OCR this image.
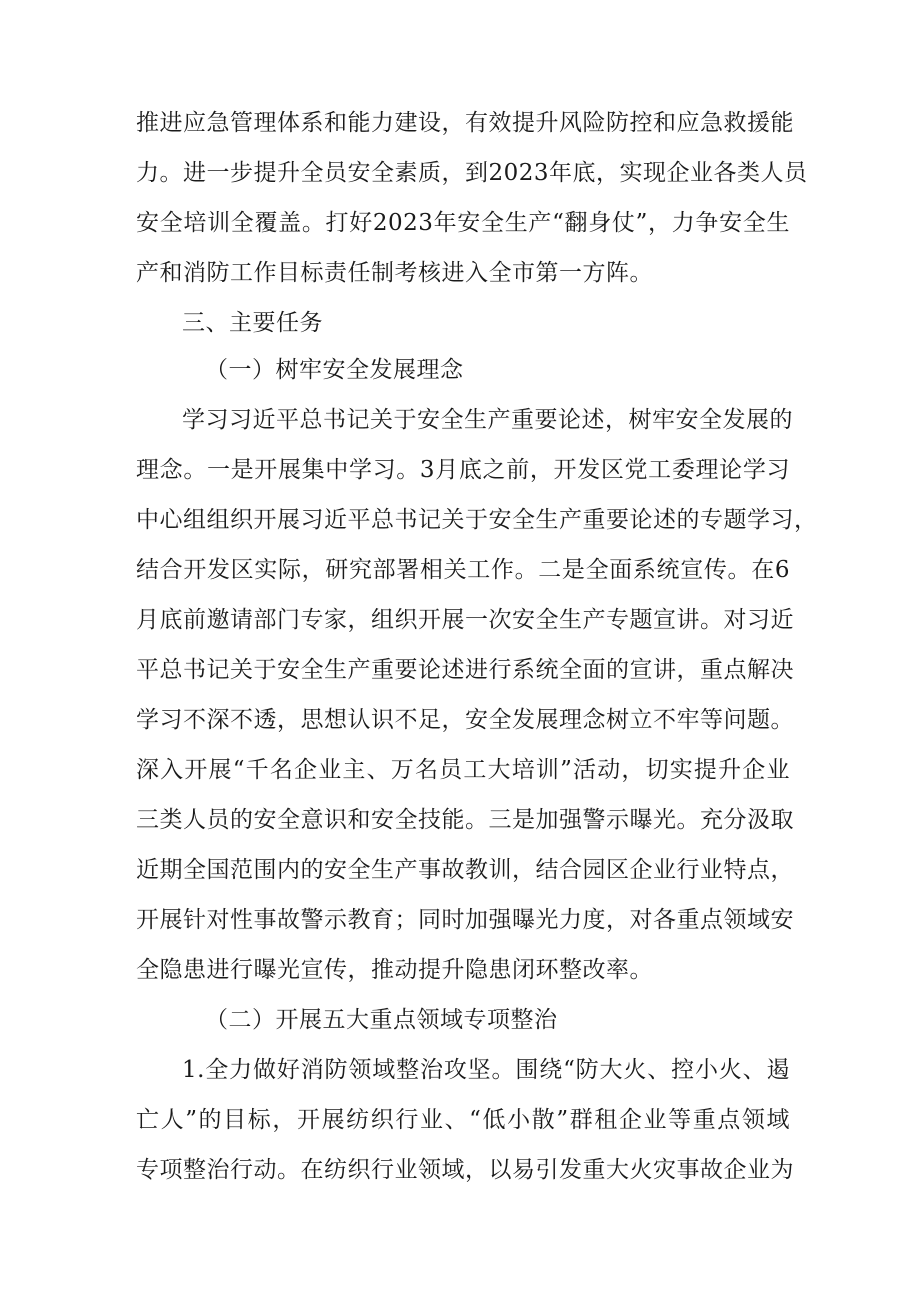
推进应急管理体系和能力建设，有效提升风险防控和应急救援能
力。进一步提升全员安全素质，到2023年底，实现企业各类人员
安全培训全覆盖。打好2023年安全生产“翻身仗”，力争安全生
产和消防工作目标责任制考核进入全市第一方阵。
三、主要任务
（一）树牢安全发展理念
学习习近平总书记关于安全生产重要论述，树牢安全发展的
理念。一是开展集中学习。3月底之前，开发区党工委理论学习
中心组组织开展习近平总书记关于安全生产重要论述的专题学习，
结合开发区实际，研究部署相关工作。二是全面系统宣传。在6
月底前邀请部门专家，组织开展一次安全生产专题宣讲。对习近
平总书记关于安全生产重要论述进行系统全面的宣讲，重点解决
学习不深不透，思想认识不足，安全发展理念树立不牢等问题。
深入开展“千名企业主、万名员工大培训”活动，切实提升企业
三类人员的安全意识和安全技能。三是加强警示曝光。充分汲取
近期全国范围内的安全生产事故教训，结合园区企业行业特点，
开展针对性事故警示教育；同时加强曝光力度，对各重点领域安
全隐患进行曝光宣传，推动提升隐患闭环整改率。
（二）开展五大重点领域专项整治
1.全力做好消防领域整治攻坚。围绕“防大火、控小火、遏
亡人”的目标，开展纺织行业、“低小散”群租企业等重点领域
专项整治行动。在纺织行业领域，以易引发重大火灾事故企业为
